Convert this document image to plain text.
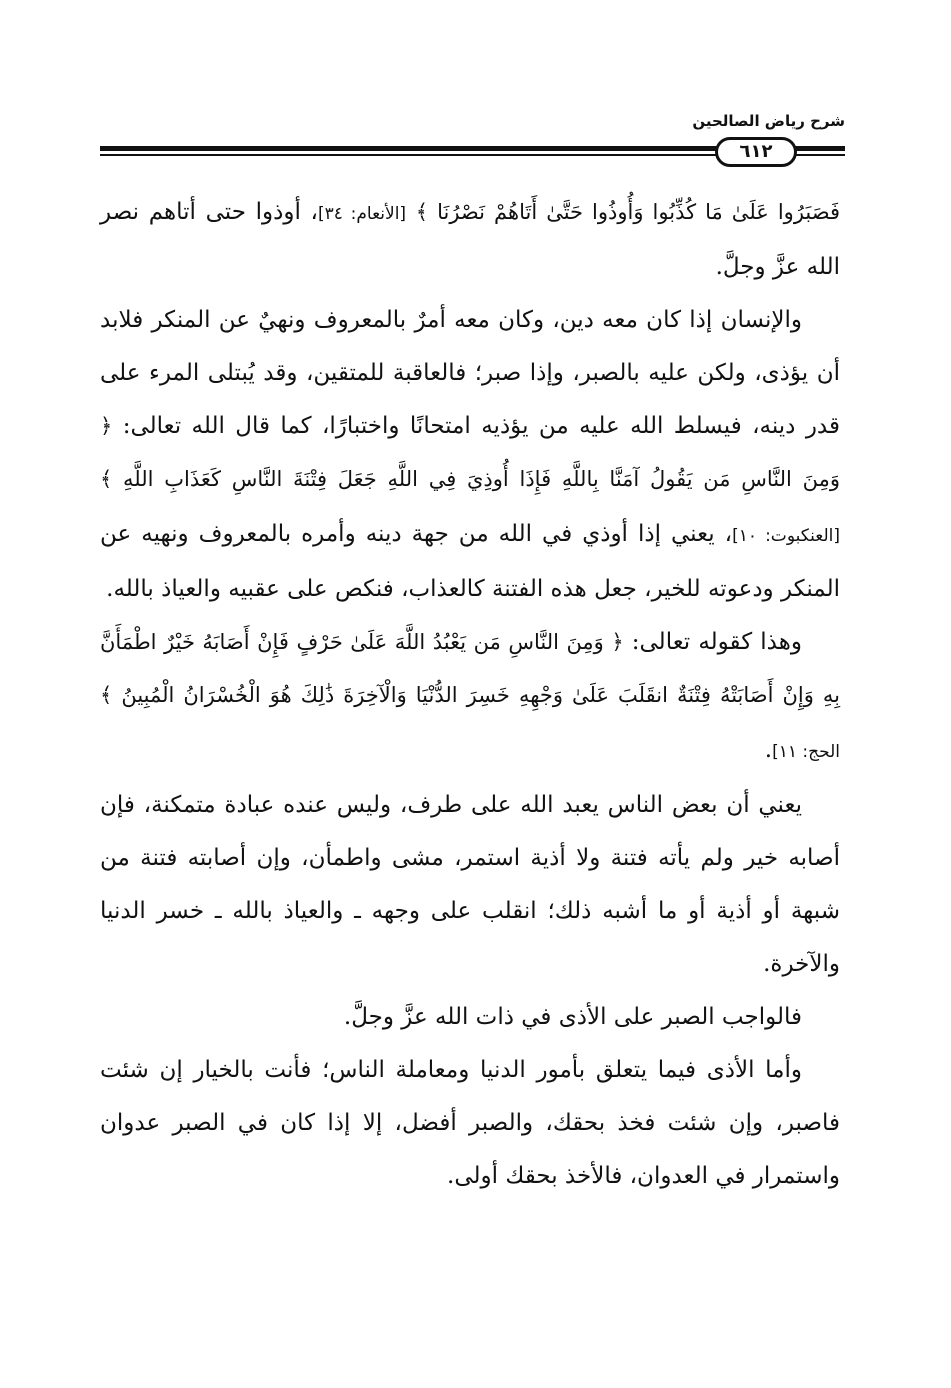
شرح رياض الصالحين
٦١٢

فَصَبَرُوا عَلَىٰ مَا كُذِّبُوا وَأُوذُوا حَتَّىٰ أَتَاهُمْ نَصْرُنَا ﴾ [الأنعام: ٣٤]، أوذوا حتى أتاهم نصر الله عزَّ وجلَّ.

والإنسان إذا كان معه دين، وكان معه أمرٌ بالمعروف ونهيٌ عن المنكر فلابد أن يؤذى، ولكن عليه بالصبر، وإذا صبر؛ فالعاقبة للمتقين، وقد يُبتلى المرء على قدر دينه، فيسلط الله عليه من يؤذيه امتحانًا واختبارًا، كما قال الله تعالى: ﴿ وَمِنَ النَّاسِ مَن يَقُولُ آمَنَّا بِاللَّهِ فَإِذَا أُوذِيَ فِي اللَّهِ جَعَلَ فِتْنَةَ النَّاسِ كَعَذَابِ اللَّهِ ﴾ [العنكبوت: ١٠]، يعني إذا أوذي في الله من جهة دينه وأمره بالمعروف ونهيه عن المنكر ودعوته للخير، جعل هذه الفتنة كالعذاب، فنكص على عقبيه والعياذ بالله.

وهذا كقوله تعالى: ﴿ وَمِنَ النَّاسِ مَن يَعْبُدُ اللَّهَ عَلَىٰ حَرْفٍ فَإِنْ أَصَابَهُ خَيْرٌ اطْمَأَنَّ بِهِ وَإِنْ أَصَابَتْهُ فِتْنَةٌ انقَلَبَ عَلَىٰ وَجْهِهِ خَسِرَ الدُّنْيَا وَالْآخِرَةَ ذَٰلِكَ هُوَ الْخُسْرَانُ الْمُبِينُ ﴾ الحج: ١١].

يعني أن بعض الناس يعبد الله على طرف، وليس عنده عبادة متمكنة، فإن أصابه خير ولم يأته فتنة ولا أذية استمر، مشى واطمأن، وإن أصابته فتنة من شبهة أو أذية أو ما أشبه ذلك؛ انقلب على وجهه ـ والعياذ بالله ـ خسر الدنيا والآخرة.

فالواجب الصبر على الأذى في ذات الله عزَّ وجلَّ.

وأما الأذى فيما يتعلق بأمور الدنيا ومعاملة الناس؛ فأنت بالخيار إن شئت فاصبر، وإن شئت فخذ بحقك، والصبر أفضل، إلا إذا كان في الصبر عدوان واستمرار في العدوان، فالأخذ بحقك أولى.
